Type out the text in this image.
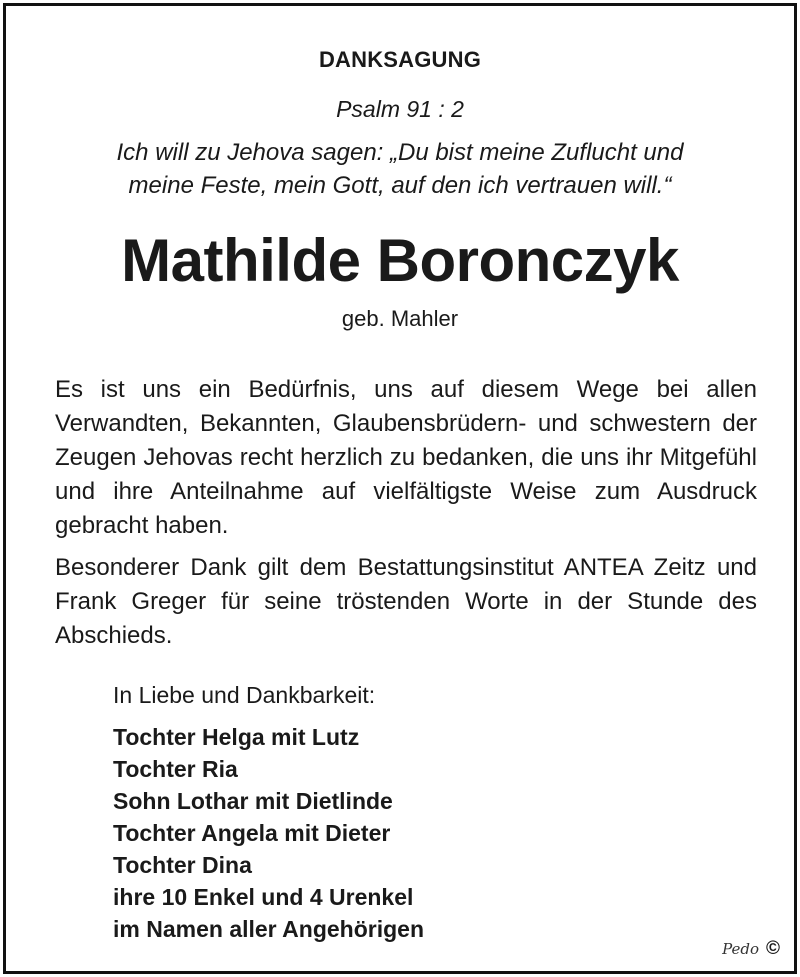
DANKSAGUNG
Psalm 91 : 2
Ich will zu Jehova sagen: „Du bist meine Zuflucht und
meine Feste, mein Gott, auf den ich vertrauen will.“
Mathilde Boronczyk
geb. Mahler
Es ist uns ein Bedürfnis, uns auf diesem Wege bei allen Verwandten, Bekannten, Glaubensbrüdern- und schwestern der Zeugen Jehovas recht herzlich zu bedanken, die uns ihr Mitgefühl und ihre Anteilnahme auf vielfältigste Weise zum Ausdruck gebracht haben.
Besonderer Dank gilt dem Bestattungsinstitut ANTEA Zeitz und Frank Greger für seine tröstenden Worte in der Stunde des Abschieds.
In Liebe und Dankbarkeit:
Tochter Helga mit Lutz
Tochter Ria
Sohn Lothar mit Dietlinde
Tochter Angela mit Dieter
Tochter Dina
ihre 10 Enkel und 4 Urenkel
im Namen aller Angehörigen
Pedo ©
